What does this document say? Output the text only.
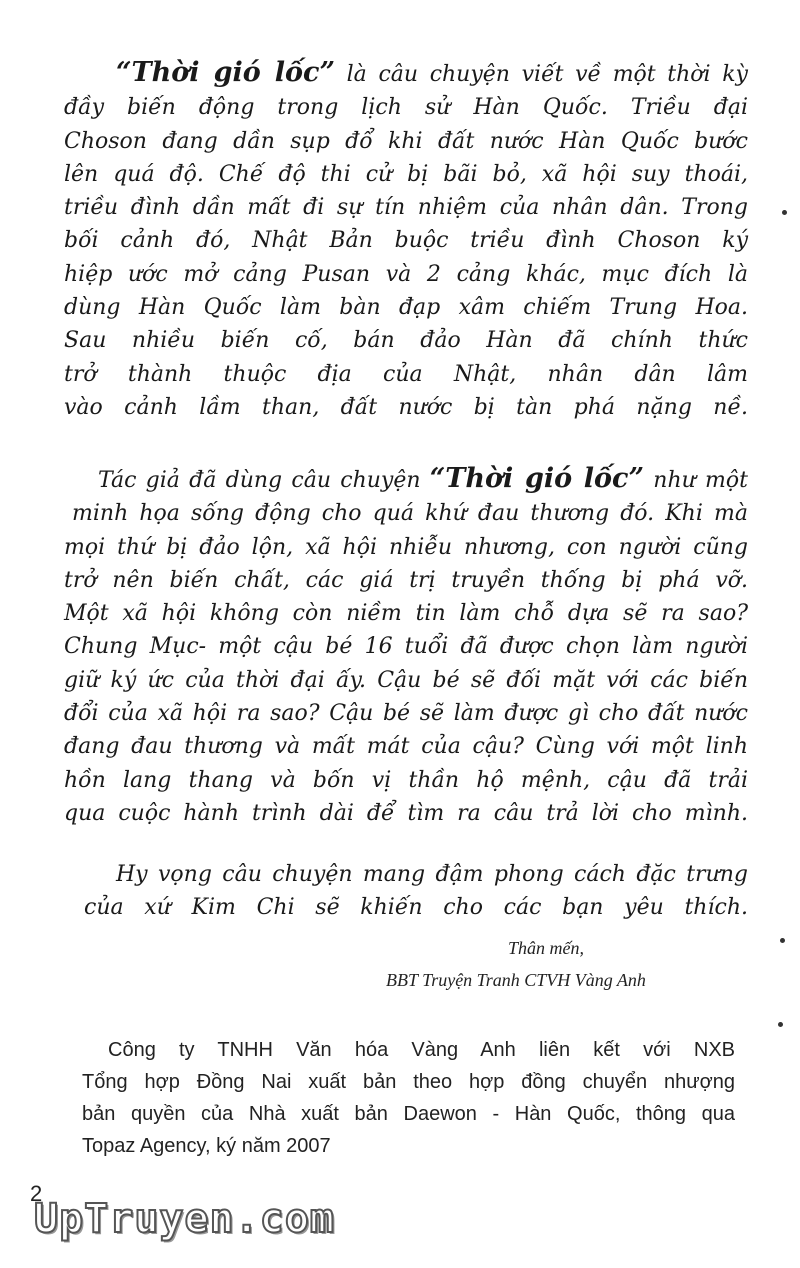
“Thời gió lốc” là câu chuyện viết về một thời kỳ
đầy biến động trong lịch sử Hàn Quốc. Triều đại
Choson đang dần sụp đổ khi đất nước Hàn Quốc bước
lên quá độ. Chế độ thi cử bị bãi bỏ, xã hội suy thoái,
triều đình dần mất đi sự tín nhiệm của nhân dân. Trong
bối cảnh đó, Nhật Bản buộc triều đình Choson ký
hiệp ước mở cảng Pusan và 2 cảng khác, mục đích là
dùng Hàn Quốc làm bàn đạp xâm chiếm Trung Hoa.
Sau nhiều biến cố, bán đảo Hàn đã chính thức
trở thành thuộc địa của Nhật, nhân dân lâm
vào cảnh lầm than, đất nước bị tàn phá nặng nề.
Tác giả đã dùng câu chuyện “Thời gió lốc” như một
minh họa sống động cho quá khứ đau thương đó. Khi mà
mọi thứ bị đảo lộn, xã hội nhiễu nhương, con người cũng
trở nên biến chất, các giá trị truyền thống bị phá vỡ.
Một xã hội không còn niềm tin làm chỗ dựa sẽ ra sao?
Chung Mục- một cậu bé 16 tuổi đã được chọn làm người
giữ ký ức của thời đại ấy. Cậu bé sẽ đối mặt với các biến
đổi của xã hội ra sao? Cậu bé sẽ làm được gì cho đất nước
đang đau thương và mất mát của cậu? Cùng với một linh
hồn lang thang và bốn vị thần hộ mệnh, cậu đã trải
qua cuộc hành trình dài để tìm ra câu trả lời cho mình.
Hy vọng câu chuyện mang đậm phong cách đặc trưng
của xứ Kim Chi sẽ khiến cho các bạn yêu thích.
Thân mến,
BBT Truyện Tranh CTVH Vàng Anh
Công ty TNHH Văn hóa Vàng Anh liên kết với NXB
Tổng hợp Đồng Nai xuất bản theo hợp đồng chuyển nhượng
bản quyền của Nhà xuất bản Daewon - Hàn Quốc, thông qua
Topaz Agency, ký năm 2007
2
UpTruyen.com
